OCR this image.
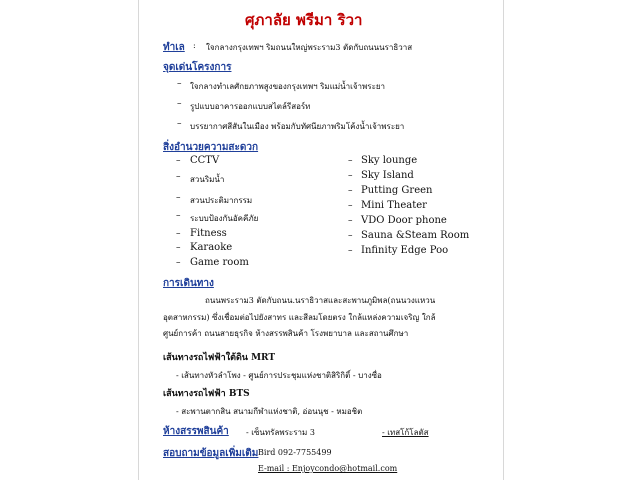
ศุภาลัย พรีมา ริวา
ทำเล : ใจกลางกรุงเทพฯ ริมถนนใหญ่พระราม3 ตัดกับถนนนราธิวาส
จุดเด่นโครงการ
– ใจกลางทำเลศักยภาพสูงของกรุงเทพฯ ริมแม่น้ำเจ้าพระยา
– รูปแบบอาคารออกแบบสไตล์รีสอร์ท
– บรรยากาศสีสันในเมือง พร้อมกับทัศนียภาพริมโค้งน้ำเจ้าพระยา
สิ่งอำนวยความสะดวก
– CCTV
– สวนริมน้ำ
– สวนประติมากรรม
– ระบบป้องกันอัคคีภัย
– Fitness
– Karaoke
– Game room
– Sky lounge
– Sky Island
– Putting Green
– Mini Theater
– VDO Door phone
– Sauna &Steam Room
– Infinity Edge Poo
การเดินทาง
ถนนพระราม3 ตัดกับถนน.นราธิวาสและสะพานภูมิพล(ถนนวงแหวน
อุตสาหกรรม) ซึ่งเชื่อมต่อไปยังสาทร และสีลมโดยตรง ใกล้แหล่งความเจริญ ใกล้
ศูนย์การค้า ถนนสายธุรกิจ ห้างสรรพสินค้า โรงพยาบาล และสถานศึกษา
เส้นทางรถไฟฟ้าใต้ดิน MRT
- เส้นทางหัวลำโพง - ศูนย์การประชุมแห่งชาติสิริกิติ์ - บางซื่อ
เส้นทางรถไฟฟ้า BTS
- สะพานตากสิน สนามกีฬาแห่งชาติ, อ่อนนุช - หมอชิต
ห้างสรรพสินค้า - เซ็นทรัลพระราม 3	- เทสโก้โลตัส
สอบถามข้อมูลเพิ่มเติม Bird 092-7755499
E-mail : Enjoycondo@hotmail.com
